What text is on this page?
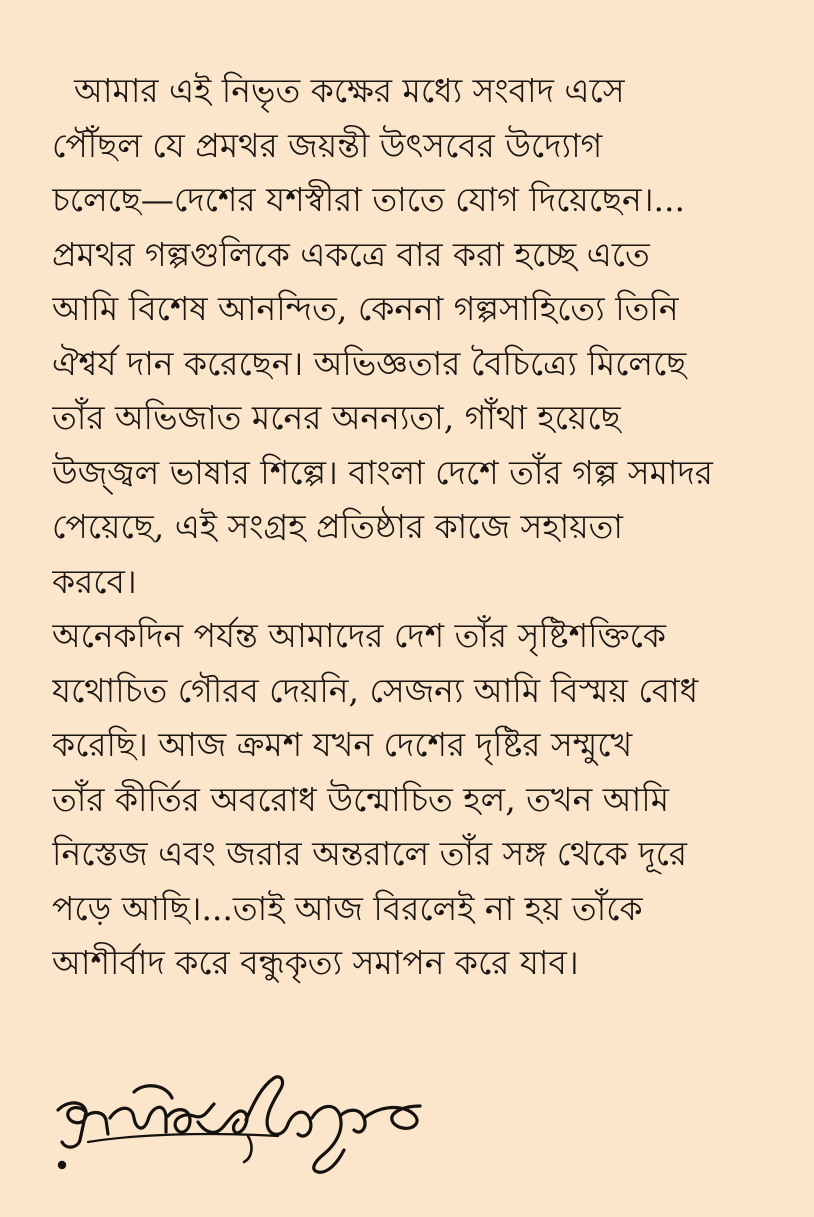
আমার এই নিভৃত কক্ষের মধ্যে সংবাদ এসে
পৌঁছল যে প্রমথর জয়ন্তী উৎসবের উদ্যোগ
চলেছে—দেশের যশস্বীরা তাতে যোগ দিয়েছেন।...
প্রমথর গল্পগুলিকে একত্রে বার করা হচ্ছে এতে
আমি বিশেষ আনন্দিত, কেননা গল্পসাহিত্যে তিনি
ঐশ্বর্য দান করেছেন। অভিজ্ঞতার বৈচিত্র্যে মিলেছে
তাঁর অভিজাত মনের অনন্যতা, গাঁথা হয়েছে
উজ্জ্বল ভাষার শিল্পে। বাংলা দেশে তাঁর গল্প সমাদর
পেয়েছে, এই সংগ্রহ প্রতিষ্ঠার কাজে সহায়তা
করবে।
অনেকদিন পর্যন্ত আমাদের দেশ তাঁর সৃষ্টিশক্তিকে
যথোচিত গৌরব দেয়নি, সেজন্য আমি বিস্ময় বোধ
করেছি। আজ ক্রমশ যখন দেশের দৃষ্টির সম্মুখে
তাঁর কীর্তির অবরোধ উন্মোচিত হল, তখন আমি
নিস্তেজ এবং জরার অন্তরালে তাঁর সঙ্গ থেকে দূরে
পড়ে আছি।...তাই আজ বিরলেই না হয় তাঁকে
আশীর্বাদ করে বন্ধুকৃত্য সমাপন করে যাব।
